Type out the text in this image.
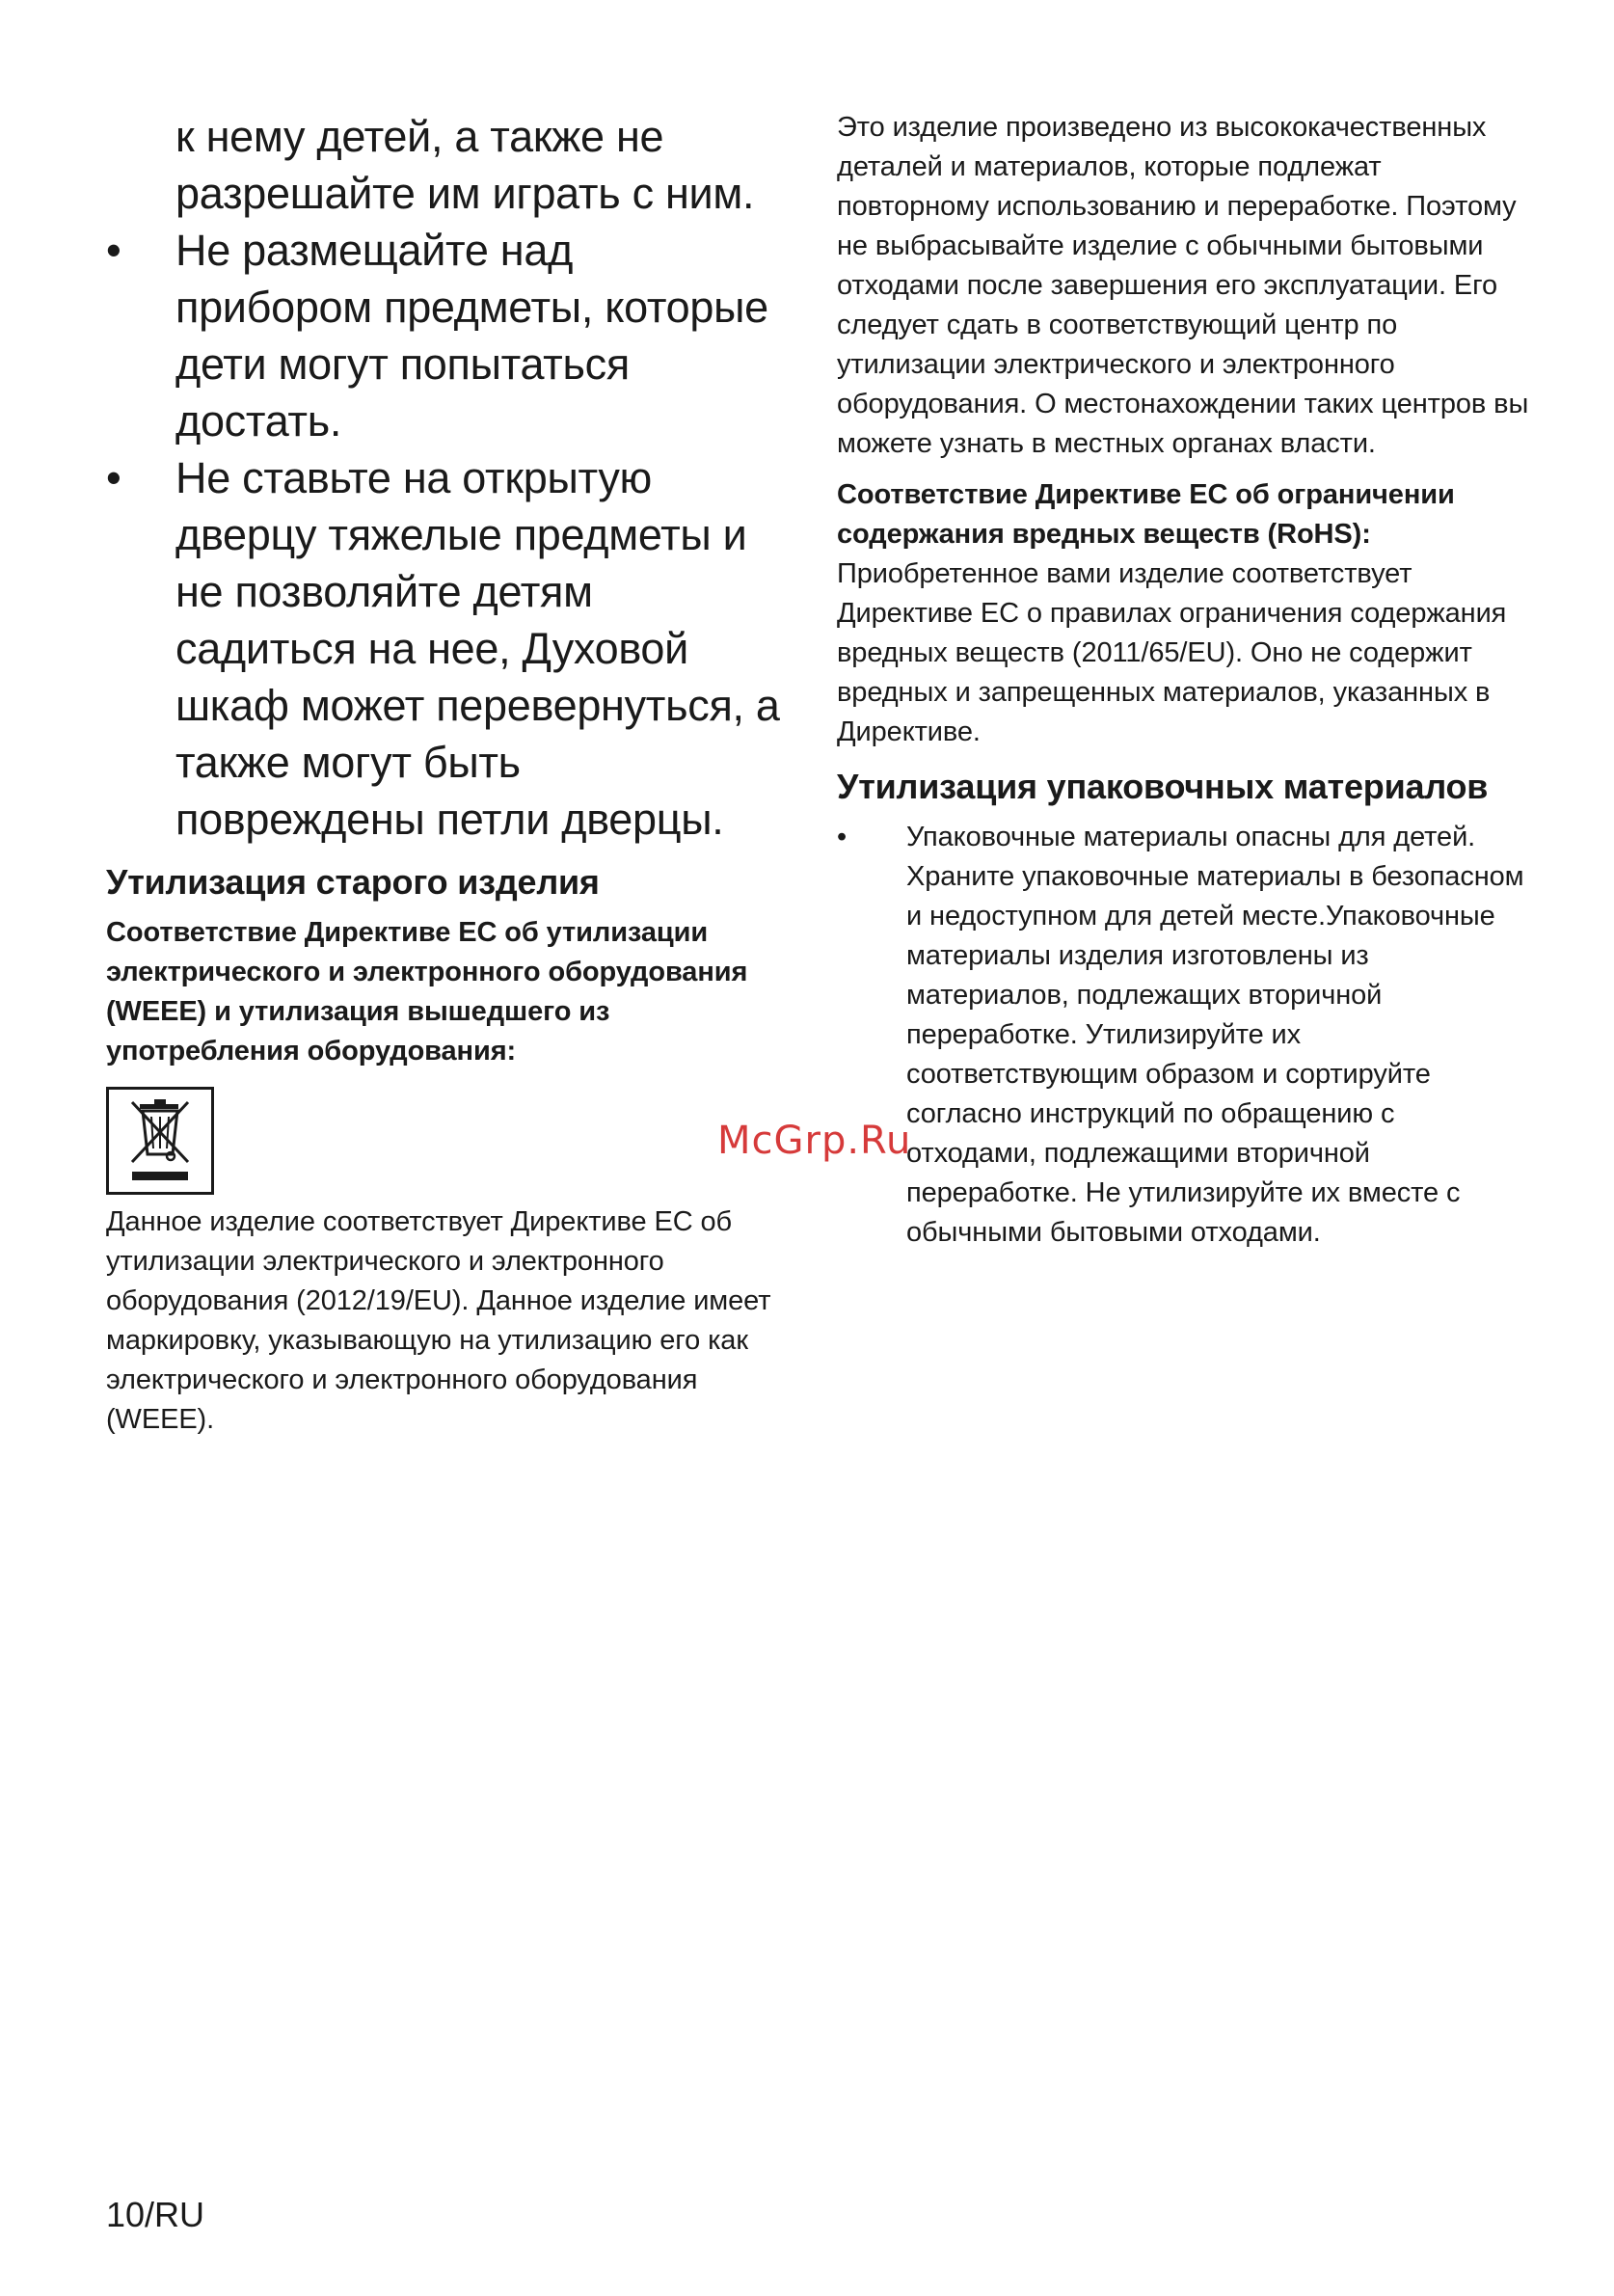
к нему детей, а также не разрешайте им играть с ним.

• Не размещайте над прибором предметы, которые дети могут попытаться достать.
• Не ставьте на открытую дверцу тяжелые предметы и не позволяйте детям садиться на нее, Духовой шкаф может перевернуться, а также могут быть повреждены петли дверцы.
Утилизация старого изделия
Соответствие Директиве ЕС об утилизации электрического и электронного оборудования (WEEE) и утилизация вышедшего из употребления оборудования:

Данное изделие соответствует Директиве ЕС об утилизации электрического и электронного оборудования (2012/19/EU). Данное изделие имеет маркировку, указывающую на утилизацию его как электрического и электронного оборудования (WEEE).

Это изделие произведено из высококачественных деталей и материалов, которые подлежат повторному использованию и переработке. Поэтому не выбрасывайте изделие с обычными бытовыми отходами после завершения его эксплуатации. Его следует сдать в соответствующий центр по утилизации электрического и электронного оборудования. О местонахождении таких центров вы можете узнать в местных органах власти.

Соответствие Директиве ЕС об ограничении содержания вредных веществ (RoHS):

Приобретенное вами изделие соответствует Директиве ЕС о правилах ограничения содержания вредных веществ (2011/65/EU). Оно не содержит вредных и запрещенных материалов, указанных в Директиве.

Утилизация упаковочных материалов
• Упаковочные материалы опасны для детей. Храните упаковочные материалы в безопасном и недоступном для детей месте.Упаковочные материалы изделия изготовлены из материалов, подлежащих вторичной переработке. Утилизируйте их соответствующим образом и сортируйте согласно инструкций по обращению с отходами, подлежащими вторичной переработке. Не утилизируйте их вместе с обычными бытовыми отходами.
McGrp.Ru
10/RU
